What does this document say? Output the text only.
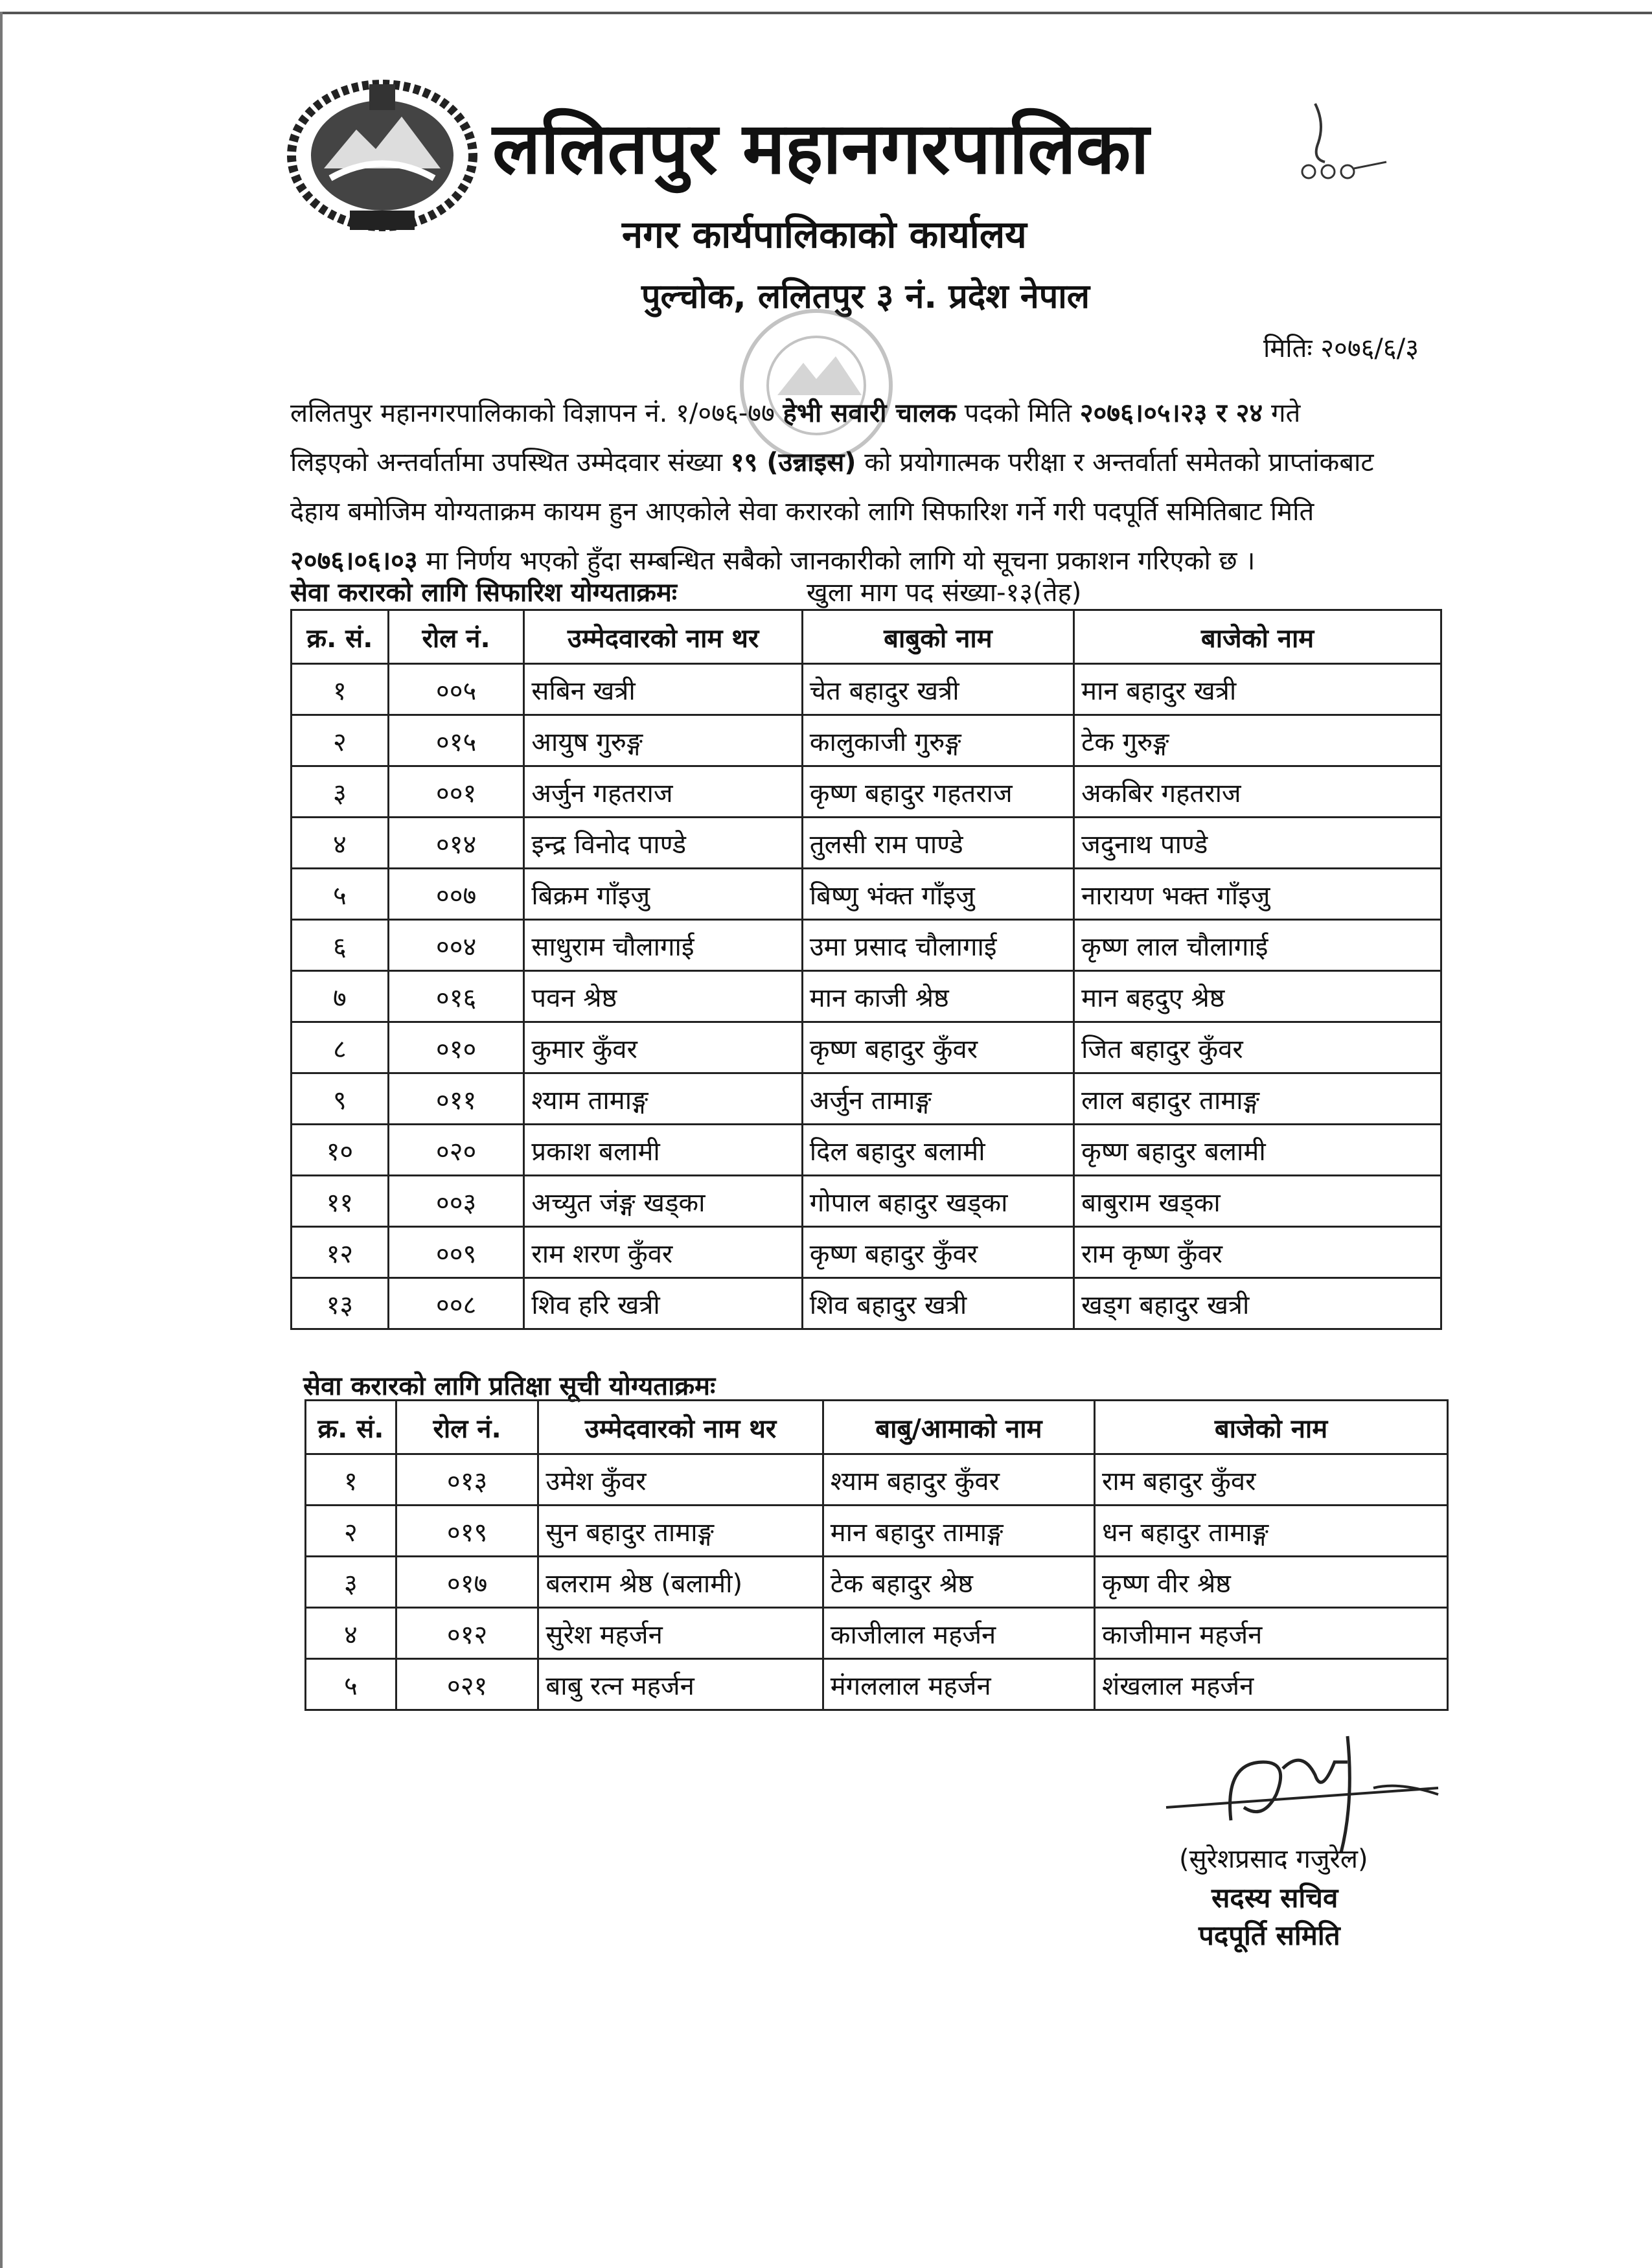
ललितपुर महानगरपालिका
नगर कार्यपालिकाको कार्यालय
पुल्चोक, ललितपुर ३ नं. प्रदेश नेपाल
मितिः २०७६/६/३

ललितपुर महानगरपालिकाको विज्ञापन नं. १/०७६-७७ हेभी सवारी चालक पदको मिति २०७६।०५।२३ र २४ गते

लिइएको अन्तर्वार्तामा उपस्थित उम्मेदवार संख्या १९ (उन्नाइस) को प्रयोगात्मक परीक्षा र अन्तर्वार्ता समेतको प्राप्तांकबाट

देहाय बमोजिम योग्यताक्रम कायम हुन आएकोले सेवा करारको लागि सिफारिश गर्ने गरी पदपूर्ति समितिबाट मिति

२०७६।०६।०३ मा निर्णय भएको हुँदा सम्बन्धित सबैको जानकारीको लागि यो सूचना प्रकाशन गरिएको छ ।

सेवा करारको लागि सिफारिश योग्यताक्रमः	खुला माग पद संख्या-१३(तेह)
क्र. सं.	रोल नं.	उम्मेदवारको नाम थर	बाबुको नाम	बाजेको नाम
१	००५	सबिन खत्री	चेत बहादुर खत्री	मान बहादुर खत्री
२	०१५	आयुष गुरुङ्ग	कालुकाजी गुरुङ्ग	टेक गुरुङ्ग
३	००१	अर्जुन गहतराज	कृष्ण बहादुर गहतराज	अकबिर गहतराज
४	०१४	इन्द्र विनोद पाण्डे	तुलसी राम पाण्डे	जदुनाथ पाण्डे
५	००७	बिक्रम गाँइजु	बिष्णु भंक्त गाँइजु	नारायण भक्त गाँइजु
६	००४	साधुराम चौलागाई	उमा प्रसाद चौलागाई	कृष्ण लाल चौलागाई
७	०१६	पवन श्रेष्ठ	मान काजी श्रेष्ठ	मान बहदुए श्रेष्ठ
८	०१०	कुमार कुँवर	कृष्ण बहादुर कुँवर	जित बहादुर कुँवर
९	०११	श्याम तामाङ्ग	अर्जुन तामाङ्ग	लाल बहादुर तामाङ्ग
१०	०२०	प्रकाश बलामी	दिल बहादुर बलामी	कृष्ण बहादुर बलामी
११	००३	अच्युत जंङ्ग खड्का	गोपाल बहादुर खड्का	बाबुराम खड्का
१२	००९	राम शरण कुँवर	कृष्ण बहादुर कुँवर	राम कृष्ण कुँवर
१३	००८	शिव हरि खत्री	शिव बहादुर खत्री	खड्ग बहादुर खत्री
सेवा करारको लागि प्रतिक्षा सूची योग्यताक्रमः
क्र. सं.	रोल नं.	उम्मेदवारको नाम थर	बाबु/आमाको नाम	बाजेको नाम
१	०१३	उमेश कुँवर	श्याम बहादुर कुँवर	राम बहादुर कुँवर
२	०१९	सुन बहादुर तामाङ्ग	मान बहादुर तामाङ्ग	धन बहादुर तामाङ्ग
३	०१७	बलराम श्रेष्ठ (बलामी)	टेक बहादुर श्रेष्ठ	कृष्ण वीर श्रेष्ठ
४	०१२	सुरेश महर्जन	काजीलाल महर्जन	काजीमान महर्जन
५	०२१	बाबु रत्न महर्जन	मंगललाल महर्जन	शंखलाल महर्जन
(सुरेशप्रसाद गजुरेल)
सदस्य सचिव
पदपूर्ति समिति
